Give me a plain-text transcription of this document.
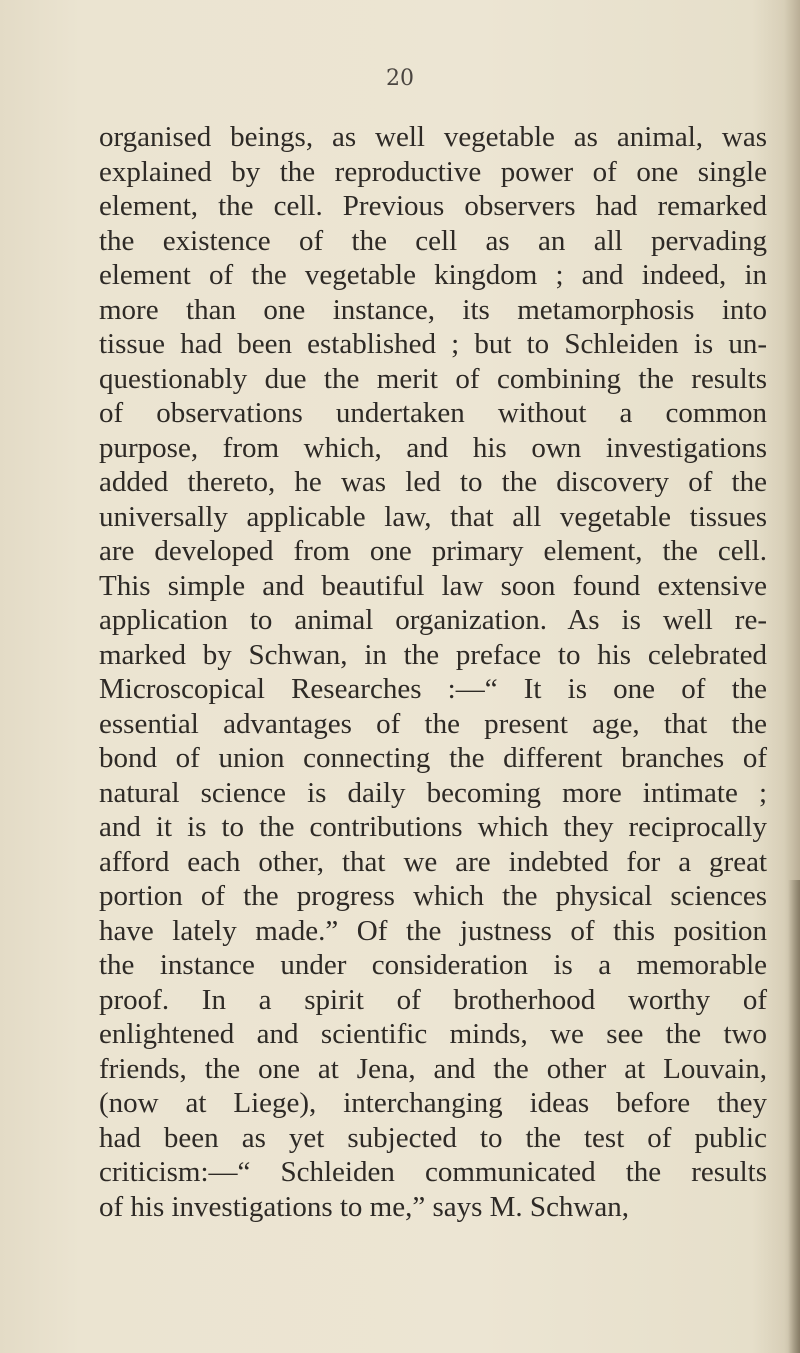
20

organised beings, as well vegetable as animal, was
explained by the reproductive power of one single
element, the cell. Previous observers had remarked
the existence of the cell as an all pervading
element of the vegetable kingdom ; and indeed, in
more than one instance, its metamorphosis into
tissue had been established ; but to Schleiden is un-
questionably due the merit of combining the results
of observations undertaken without a common
purpose, from which, and his own investigations
added thereto, he was led to the discovery of the
universally applicable law, that all vegetable tissues
are developed from one primary element, the cell.
This simple and beautiful law soon found extensive
application to animal organization. As is well re-
marked by Schwan, in the preface to his celebrated
Microscopical Researches :—“ It is one of the
essential advantages of the present age, that the
bond of union connecting the different branches of
natural science is daily becoming more intimate ;
and it is to the contributions which they reciprocally
afford each other, that we are indebted for a great
portion of the progress which the physical sciences
have lately made.” Of the justness of this position
the instance under consideration is a memorable
proof. In a spirit of brotherhood worthy of
enlightened and scientific minds, we see the two
friends, the one at Jena, and the other at Louvain,
(now at Liege), interchanging ideas before they
had been as yet subjected to the test of public
criticism:—“ Schleiden communicated the results
of his investigations to me,” says M. Schwan,
